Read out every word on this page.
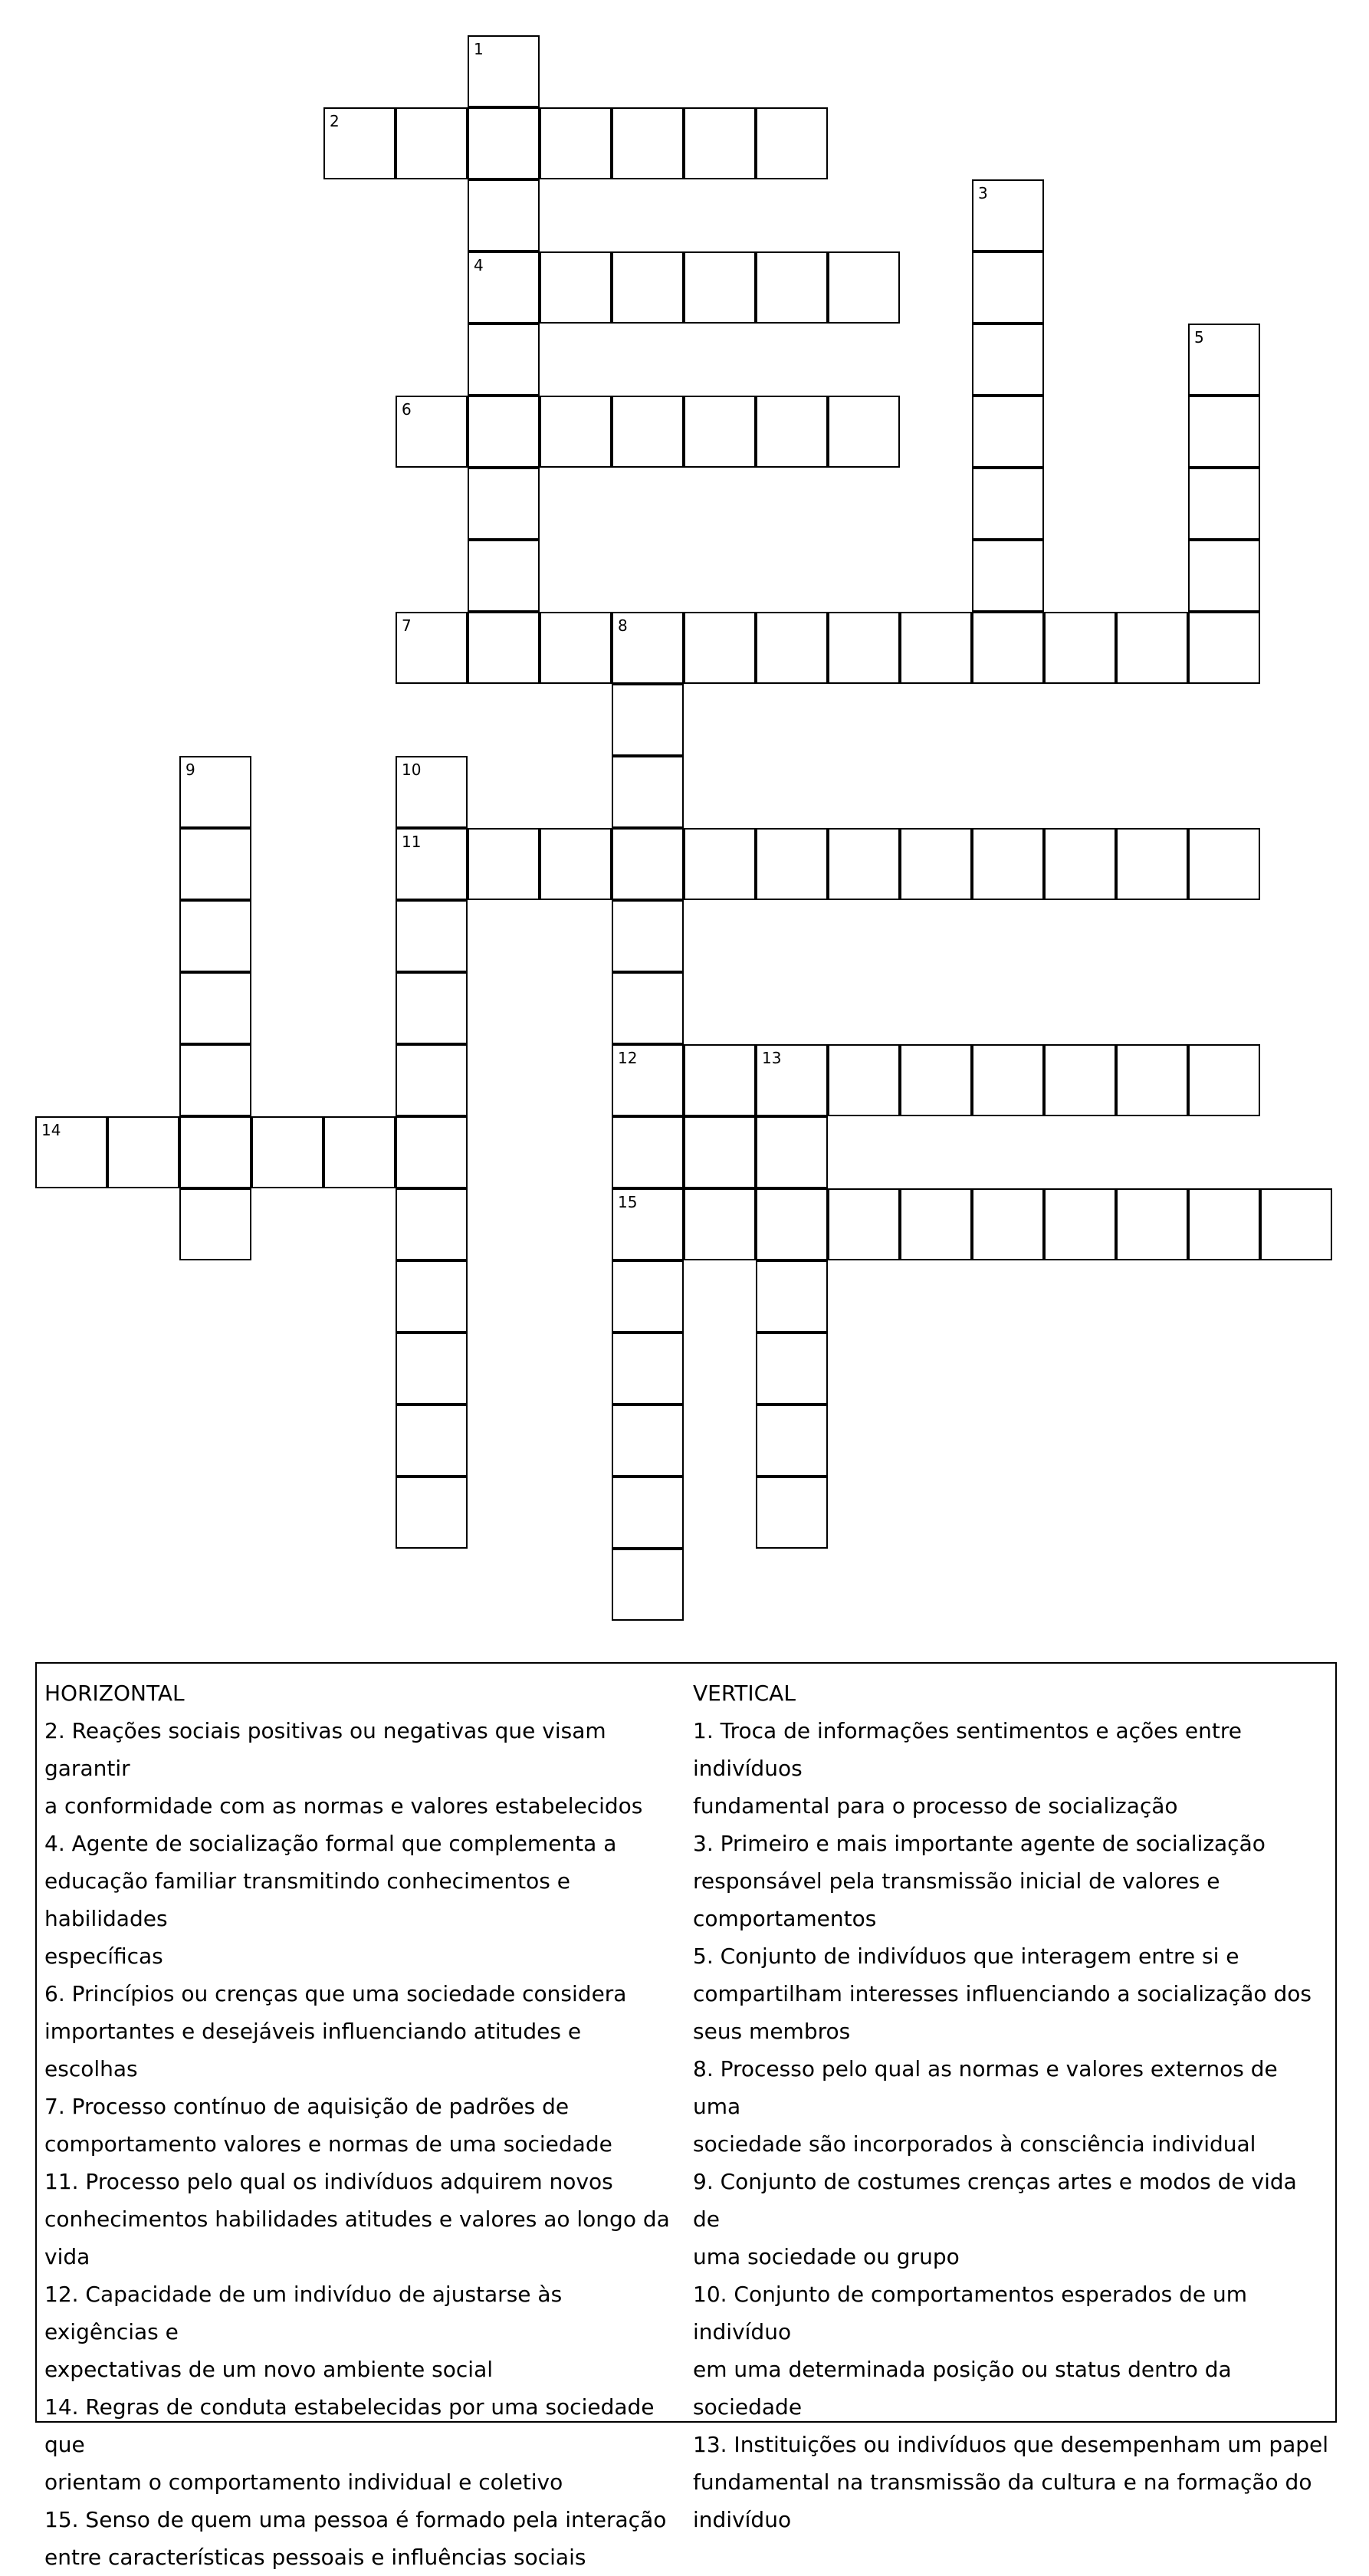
1
2
3
4
5
6
7	8
9	10
11
12	13
14
15
HORIZONTAL
2. Reações sociais positivas ou negativas que visam garantir
a conformidade com as normas e valores estabelecidos
4. Agente de socialização formal que complementa a
educação familiar transmitindo conhecimentos e habilidades
específicas
6. Princípios ou crenças que uma sociedade considera
importantes e desejáveis influenciando atitudes e escolhas
7. Processo contínuo de aquisição de padrões de
comportamento valores e normas de uma sociedade
11. Processo pelo qual os indivíduos adquirem novos
conhecimentos habilidades atitudes e valores ao longo da
vida
12. Capacidade de um indivíduo de ajustarse às exigências e
expectativas de um novo ambiente social
14. Regras de conduta estabelecidas por uma sociedade que
orientam o comportamento individual e coletivo
15. Senso de quem uma pessoa é formado pela interação
entre características pessoais e influências sociais
VERTICAL
1. Troca de informações sentimentos e ações entre indivíduos
fundamental para o processo de socialização
3. Primeiro e mais importante agente de socialização
responsável pela transmissão inicial de valores e
comportamentos
5. Conjunto de indivíduos que interagem entre si e
compartilham interesses influenciando a socialização dos
seus membros
8. Processo pelo qual as normas e valores externos de uma
sociedade são incorporados à consciência individual
9. Conjunto de costumes crenças artes e modos de vida de
uma sociedade ou grupo
10. Conjunto de comportamentos esperados de um indivíduo
em uma determinada posição ou status dentro da sociedade
13. Instituições ou indivíduos que desempenham um papel
fundamental na transmissão da cultura e na formação do
indivíduo
